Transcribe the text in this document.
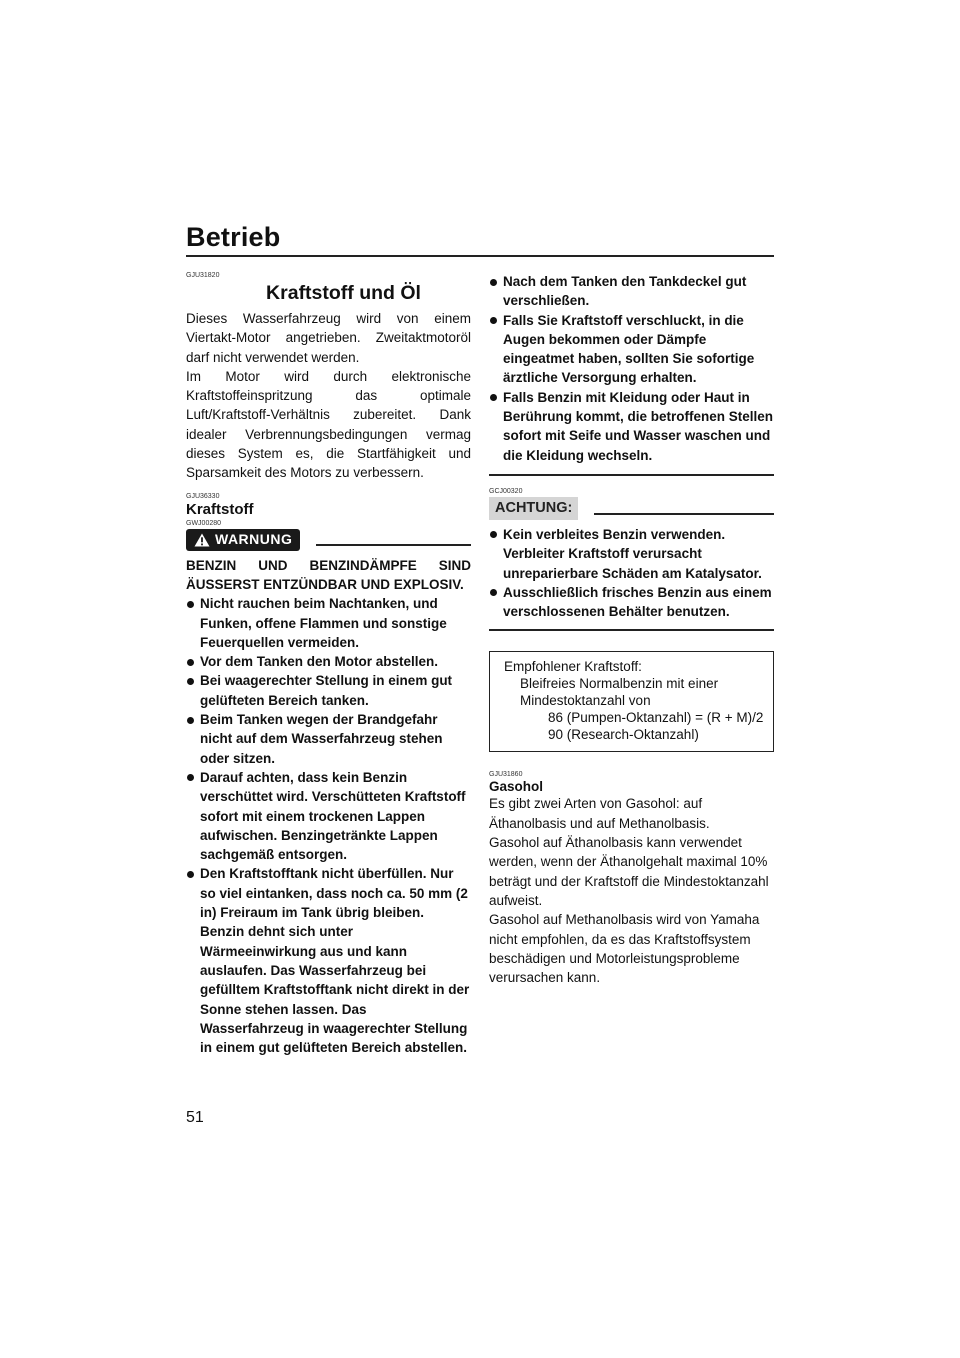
Betrieb
GJU31820
Kraftstoff und Öl

Dieses Wasserfahrzeug wird von einem Viertakt-Motor angetrieben. Zweitaktmotoröl darf nicht verwendet werden.

Im Motor wird durch elektronische Kraftstoffeinspritzung das optimale Luft/Kraftstoff-Verhältnis zubereitet. Dank idealer Verbrennungsbedingungen vermag dieses System es, die Startfähigkeit und Sparsamkeit des Motors zu verbessern.

GJU36330
Kraftstoff
GWJ00280
WARNUNG

BENZIN UND BENZINDÄMPFE SIND ÄUSSERST ENTZÜNDBAR UND EXPLOSIV.

Nicht rauchen beim Nachtanken, und Funken, offene Flammen und sonstige Feuerquellen vermeiden.
Vor dem Tanken den Motor abstellen.
Bei waagerechter Stellung in einem gut gelüfteten Bereich tanken.
Beim Tanken wegen der Brandgefahr nicht auf dem Wasserfahrzeug stehen oder sitzen.
Darauf achten, dass kein Benzin verschüttet wird. Verschütteten Kraftstoff sofort mit einem trockenen Lappen aufwischen. Benzingetränkte Lappen sachgemäß entsorgen.
Den Kraftstofftank nicht überfüllen. Nur so viel eintanken, dass noch ca. 50 mm (2 in) Freiraum im Tank übrig bleiben. Benzin dehnt sich unter Wärmeeinwirkung aus und kann auslaufen. Das Wasserfahrzeug bei gefülltem Kraftstofftank nicht direkt in der Sonne stehen lassen. Das Wasserfahrzeug in waagerechter Stellung in einem gut gelüfteten Bereich abstellen.
Nach dem Tanken den Tankdeckel gut verschließen.
Falls Sie Kraftstoff verschluckt, in die Augen bekommen oder Dämpfe eingeatmet haben, sollten Sie sofortige ärztliche Versorgung erhalten.
Falls Benzin mit Kleidung oder Haut in Berührung kommt, die betroffenen Stellen sofort mit Seife und Wasser waschen und die Kleidung wechseln.
GCJ00320
ACHTUNG:
Kein verbleites Benzin verwenden. Verbleiter Kraftstoff verursacht unreparierbare Schäden am Katalysator.
Ausschließlich frisches Benzin aus einem verschlossenen Behälter benutzen.
Empfohlener Kraftstoff:
Bleifreies Normalbenzin mit einer Mindestoktanzahl von
86 (Pumpen-Oktanzahl) = (R + M)/2
90 (Research-Oktanzahl)
GJU31860
Gasohol

Es gibt zwei Arten von Gasohol: auf Äthanolbasis und auf Methanolbasis.

Gasohol auf Äthanolbasis kann verwendet werden, wenn der Äthanolgehalt maximal 10% beträgt und der Kraftstoff die Mindestoktanzahl aufweist.

Gasohol auf Methanolbasis wird von Yamaha nicht empfohlen, da es das Kraftstoffsystem beschädigen und Motorleistungsprobleme verursachen kann.

51
